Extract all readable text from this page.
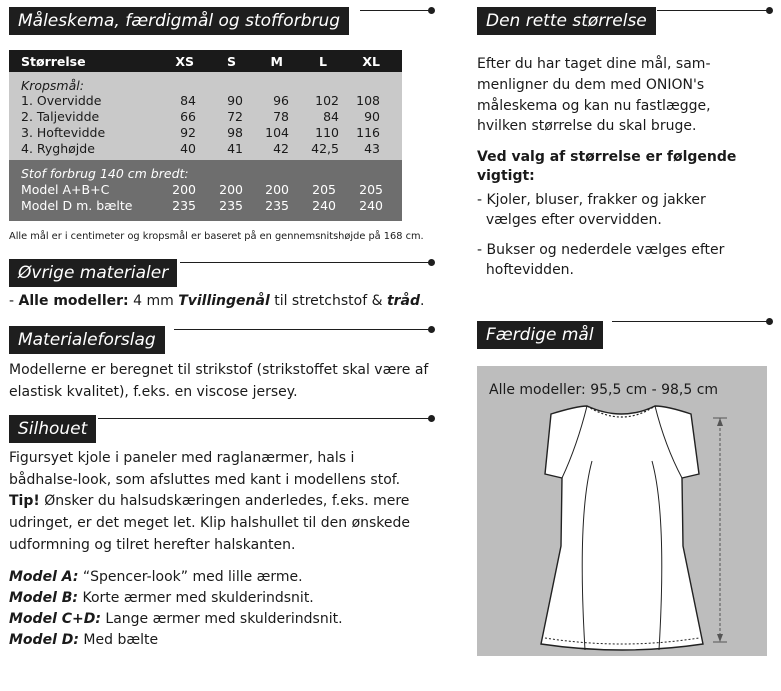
Måleskema, færdigmål og stofforbrug
Størrelse	XS	S	M	L	XL
Kropsmål:
1. Overvidde	84 90 96 102 108
2. Taljevidde	66 72 78	84 90
3. Hoftevidde	92 98 104 110 116
4. Ryghøjde	40 41 42 42,5 43
Stof forbrug 140 cm bredt:
Model A+B+C	200 200 200 205 205
Model D m. bælte	235 235 235 240 240
Alle mål er i centimeter og kropsmål er baseret på en gennemsnitshøjde på 168 cm.
Øvrige materialer
- Alle modeller: 4 mm Tvillingenål til stretchstof & tråd.
Materialeforslag
Modellerne er beregnet til strikstof (strikstoffet skal være af
elastisk kvalitet), f.eks. en viscose jersey.
Silhouet
Figursyet kjole i paneler med raglanærmer, hals i
bådhalse-look, som afsluttes med kant i modellens stof.
Tip! Ønsker du halsudskæringen anderledes, f.eks. mere
udringet, er det meget let. Klip halshullet til den ønskede
udformning og tilret herefter halskanten.
Model A: “Spencer-look” med lille ærme.
Model B: Korte ærmer med skulderindsnit.
Model C+D: Lange ærmer med skulderindsnit.
Model D: Med bælte
Den rette størrelse
Efter du har taget dine mål, sam-
menligner du dem med ONION's
måleskema og kan nu fastlægge,
hvilken størrelse du skal bruge.
Ved valg af størrelse er følgende
vigtigt:
- Kjoler, bluser, frakker og jakker
vælges efter overvidden.
- Bukser og nederdele vælges efter
hoftevidden.
Færdige mål
Alle modeller: 95,5 cm - 98,5 cm
